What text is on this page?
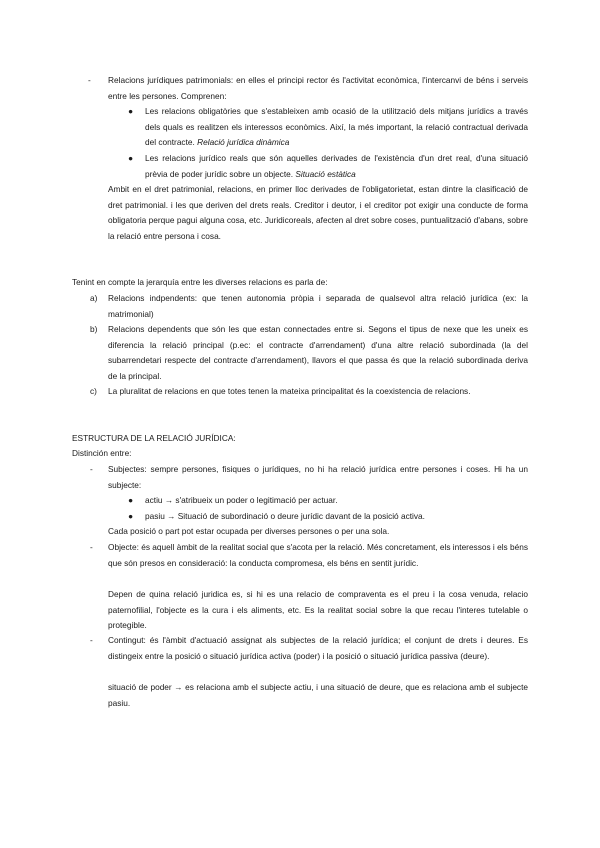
- Relacions jurídiques patrimonials: en elles el principi rector és l'activitat econòmica, l'intercanvi de béns i serveis entre les persones. Comprenen:
● Les relacions obligatòries que s'estableixen amb ocasió de la utilització dels mitjans jurídics a través dels quals es realitzen els interessos econòmics. Així, la més important, la relació contractual derivada del contracte. Relació jurídica dinàmica
● Les relacions jurídico reals que són aquelles derivades de l'existència d'un dret real, d'una situació prèvia de poder jurídic sobre un objecte. Situació estàtica
Ambit en el dret patrimonial, relacions, en primer lloc derivades de l'obligatorietat, estan dintre la clasificació de dret patrimonial. i les que deriven del drets reals. Creditor i deutor, i el creditor pot exigir una conducte de forma obligatoria perque pagui alguna cosa, etc. Juridicoreals, afecten al dret sobre coses, puntualització d'abans, sobre la relació entre persona i cosa.
Tenint en compte la jerarquía entre les diverses relacions es parla de:
a) Relacions indpendents: que tenen autonomia pròpia i separada de qualsevol altra relació jurídica (ex: la matrimonial)
b) Relacions dependents que són les que estan connectades entre si. Segons el tipus de nexe que les uneix es diferencia la relació principal (p.ec: el contracte d'arrendament) d'una altre relació subordinada (la del subarrendetari respecte del contracte d'arrendament), llavors el que passa és que la relació subordinada deriva de la principal.
c) La pluralitat de relacions en que totes tenen la mateixa principalitat és la coexistencia de relacions.
ESTRUCTURA DE LA RELACIÓ JURÍDICA:
Distinción entre:
- Subjectes: sempre persones, fisiques o jurídiques, no hi ha relació jurídica entre persones i coses. Hi ha un subjecte:
● actiu → s'atribueix un poder o legitimació per actuar.
● pasiu → Situació de subordinació o deure jurídic davant de la posició activa.
Cada posició o part pot estar ocupada per diverses persones o per una sola.
- Objecte: és aquell àmbit de la realitat social que s'acota per la relació. Més concretament, els interessos i els béns que són presos en consideració: la conducta compromesa, els béns en sentit jurídic.
Depen de quina relació juridica es, si hi es una relacio de compraventa es el preu i la cosa venuda, relacio paternofilial, l'objecte es la cura i els aliments, etc. Es la realitat social sobre la que recau l'interes tutelable o protegible.
- Contingut: és l'àmbit d'actuació assignat als subjectes de la relació jurídica; el conjunt de drets i deures. Es distingeix entre la posició o situació jurídica activa (poder) i la posició o situació jurídica passiva (deure).
situació de poder → es relaciona amb el subjecte actiu, i una situació de deure, que es relaciona amb el subjecte pasiu.
